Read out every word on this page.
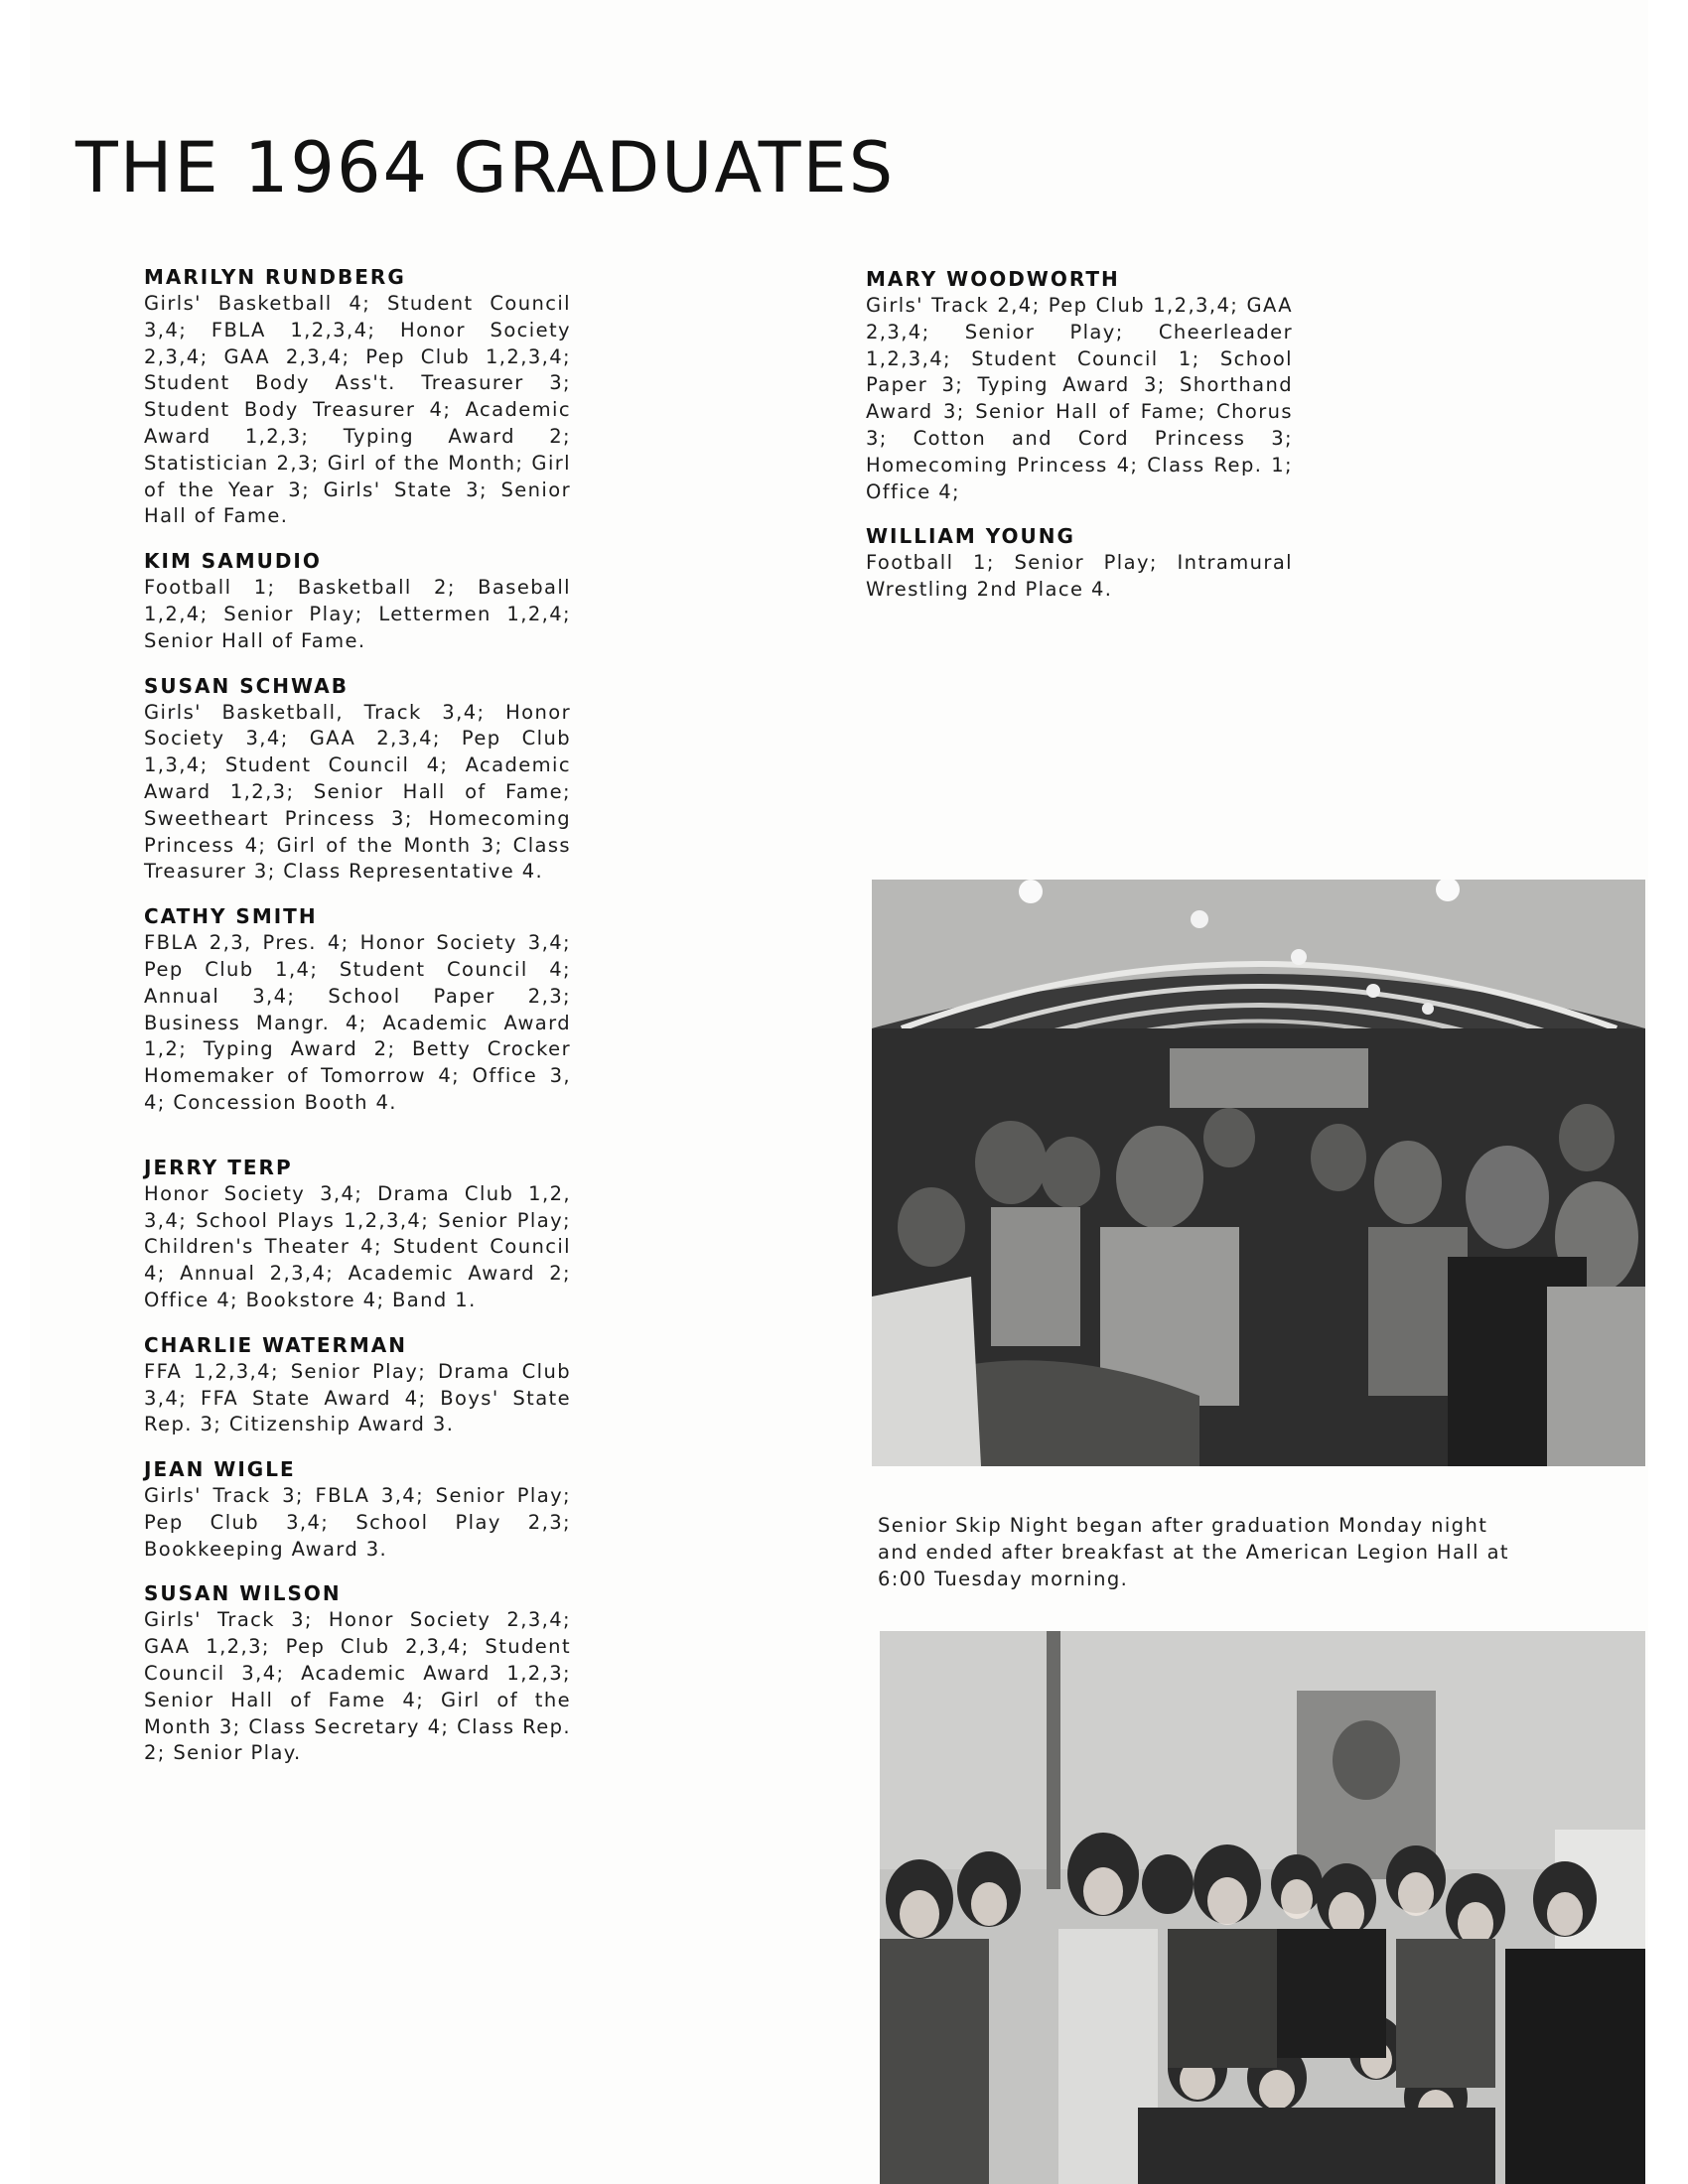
THE 1964 GRADUATES
MARILYN RUNDBERG
Girls' Basketball 4; Student Council 3,4; FBLA 1,2,3,4; Honor Society 2,3,4; GAA 2,3,4; Pep Club 1,2,3,4; Student Body Ass't. Treasurer 3; Student Body Treasurer 4; Academic Award 1,2,3; Typing Award 2; Statistician 2,3; Girl of the Month; Girl of the Year 3; Girls' State 3; Senior Hall of Fame.
KIM SAMUDIO
Football 1; Basketball 2; Baseball 1,2,4; Senior Play; Lettermen 1,2,4; Senior Hall of Fame.
SUSAN SCHWAB
Girls' Basketball, Track 3,4; Honor Society 3,4; GAA 2,3,4; Pep Club 1,3,4; Student Council 4; Academic Award 1,2,3; Senior Hall of Fame; Sweetheart Princess 3; Homecoming Princess 4; Girl of the Month 3; Class Treasurer 3; Class Representative 4.
CATHY SMITH
FBLA 2,3, Pres. 4; Honor Society 3,4; Pep Club 1,4; Student Council 4; Annual 3,4; School Paper 2,3; Business Mangr. 4; Academic Award 1,2; Typing Award 2; Betty Crocker Homemaker of Tomorrow 4; Office 3, 4; Concession Booth 4.
JERRY TERP
Honor Society 3,4; Drama Club 1,2, 3,4; School Plays 1,2,3,4; Senior Play; Children's Theater 4; Student Council 4; Annual 2,3,4; Academic Award 2; Office 4; Bookstore 4; Band 1.
CHARLIE WATERMAN
FFA 1,2,3,4; Senior Play; Drama Club 3,4; FFA State Award 4; Boys' State Rep. 3; Citizenship Award 3.
JEAN WIGLE
Girls' Track 3; FBLA 3,4; Senior Play; Pep Club 3,4; School Play 2,3; Bookkeeping Award 3.
SUSAN WILSON
Girls' Track 3; Honor Society 2,3,4; GAA 1,2,3; Pep Club 2,3,4; Student Council 3,4; Academic Award 1,2,3; Senior Hall of Fame 4; Girl of the Month 3; Class Secretary 4; Class Rep. 2; Senior Play.
MARY WOODWORTH
Girls' Track 2,4; Pep Club 1,2,3,4; GAA 2,3,4; Senior Play; Cheerleader 1,2,3,4; Student Council 1; School Paper 3; Typing Award 3; Shorthand Award 3; Senior Hall of Fame; Chorus 3; Cotton and Cord Princess 3; Homecoming Princess 4; Class Rep. 1; Office 4;
WILLIAM YOUNG
Football 1; Senior Play; Intramural Wrestling 2nd Place 4.
Senior Skip Night began after graduation Monday night and ended after breakfast at the American Legion Hall at 6:00 Tuesday morning.
